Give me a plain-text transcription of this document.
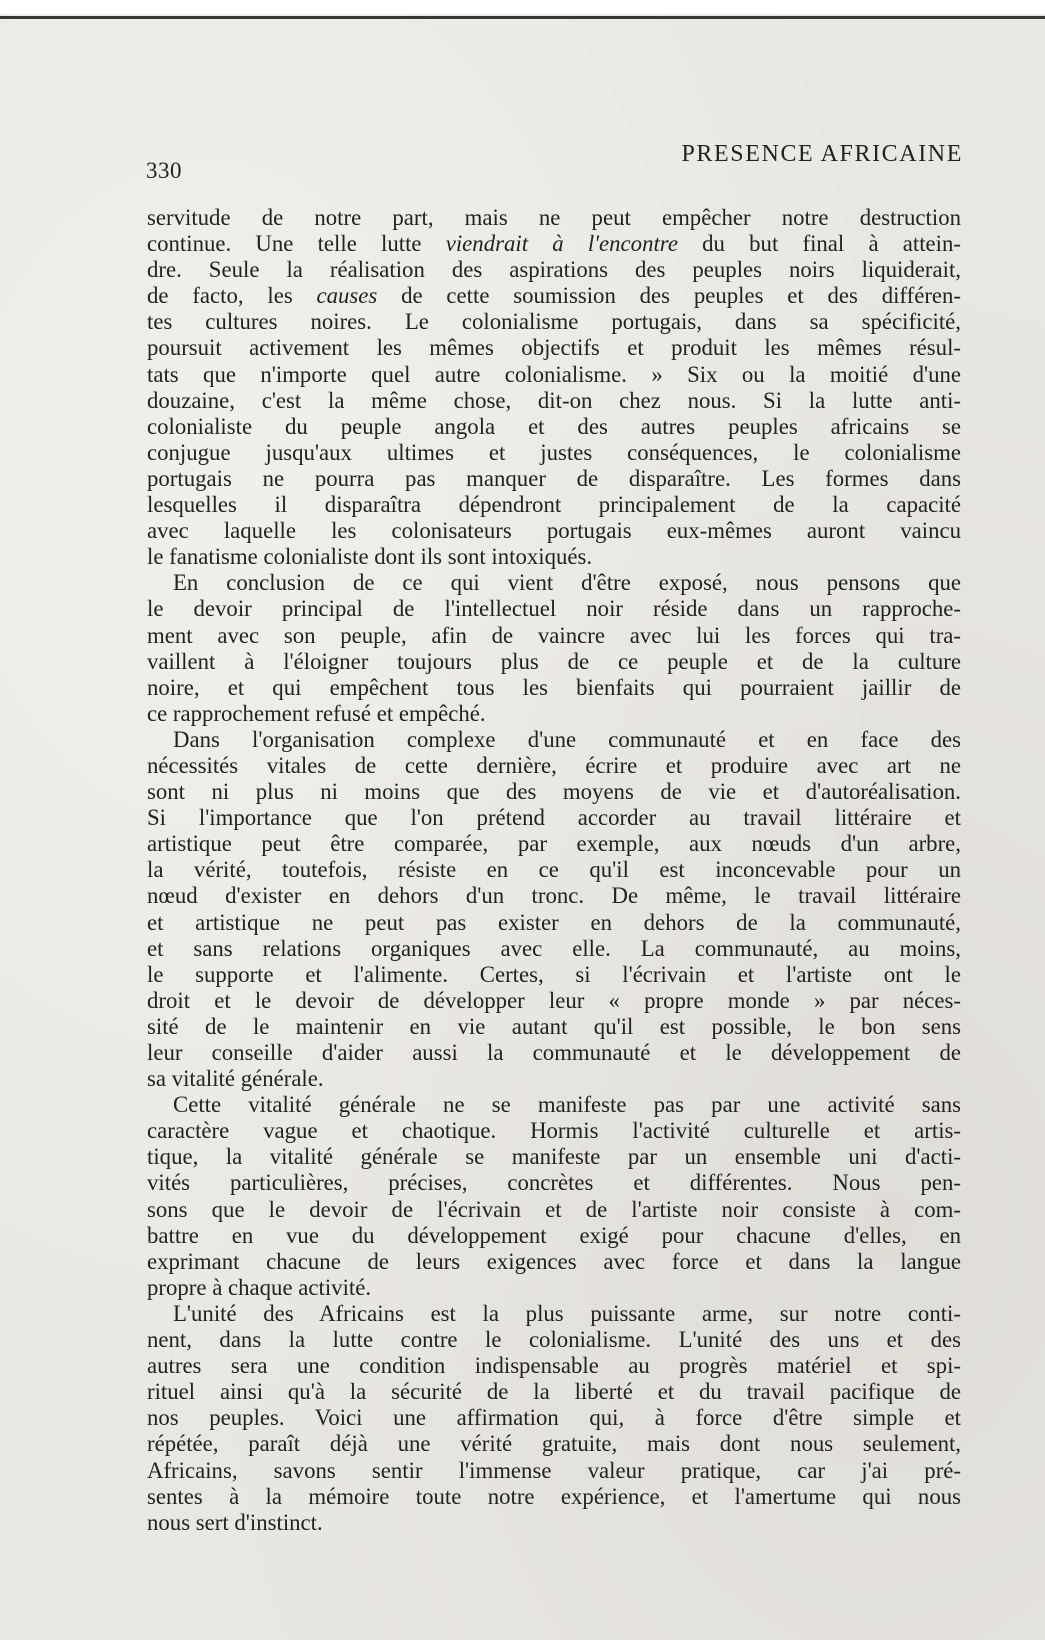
330

PRESENCE AFRICAINE
servitude de notre part, mais ne peut empêcher notre destruction
continue. Une telle lutte viendrait à l'encontre du but final à attein-
dre. Seule la réalisation des aspirations des peuples noirs liquiderait,
de facto, les causes de cette soumission des peuples et des différen-
tes cultures noires. Le colonialisme portugais, dans sa spécificité,
poursuit activement les mêmes objectifs et produit les mêmes résul-
tats que n'importe quel autre colonialisme. » Six ou la moitié d'une
douzaine, c'est la même chose, dit-on chez nous. Si la lutte anti-
colonialiste du peuple angola et des autres peuples africains se
conjugue jusqu'aux ultimes et justes conséquences, le colonialisme
portugais ne pourra pas manquer de disparaître. Les formes dans
lesquelles il disparaîtra dépendront principalement de la capacité
avec laquelle les colonisateurs portugais eux-mêmes auront vaincu
le fanatisme colonialiste dont ils sont intoxiqués.
En conclusion de ce qui vient d'être exposé, nous pensons que
le devoir principal de l'intellectuel noir réside dans un rapproche-
ment avec son peuple, afin de vaincre avec lui les forces qui tra-
vaillent à l'éloigner toujours plus de ce peuple et de la culture
noire, et qui empêchent tous les bienfaits qui pourraient jaillir de
ce rapprochement refusé et empêché.
Dans l'organisation complexe d'une communauté et en face des
nécessités vitales de cette dernière, écrire et produire avec art ne
sont ni plus ni moins que des moyens de vie et d'autoréalisation.
Si l'importance que l'on prétend accorder au travail littéraire et
artistique peut être comparée, par exemple, aux nœuds d'un arbre,
la vérité, toutefois, résiste en ce qu'il est inconcevable pour un
nœud d'exister en dehors d'un tronc. De même, le travail littéraire
et artistique ne peut pas exister en dehors de la communauté,
et sans relations organiques avec elle. La communauté, au moins,
le supporte et l'alimente. Certes, si l'écrivain et l'artiste ont le
droit et le devoir de développer leur « propre monde » par néces-
sité de le maintenir en vie autant qu'il est possible, le bon sens
leur conseille d'aider aussi la communauté et le développement de
sa vitalité générale.
Cette vitalité générale ne se manifeste pas par une activité sans
caractère vague et chaotique. Hormis l'activité culturelle et artis-
tique, la vitalité générale se manifeste par un ensemble uni d'acti-
vités particulières, précises, concrètes et différentes. Nous pen-
sons que le devoir de l'écrivain et de l'artiste noir consiste à com-
battre en vue du développement exigé pour chacune d'elles, en
exprimant chacune de leurs exigences avec force et dans la langue
propre à chaque activité.
L'unité des Africains est la plus puissante arme, sur notre conti-
nent, dans la lutte contre le colonialisme. L'unité des uns et des
autres sera une condition indispensable au progrès matériel et spi-
rituel ainsi qu'à la sécurité de la liberté et du travail pacifique de
nos peuples. Voici une affirmation qui, à force d'être simple et
répétée, paraît déjà une vérité gratuite, mais dont nous seulement,
Africains, savons sentir l'immense valeur pratique, car j'ai pré-
sentes à la mémoire toute notre expérience, et l'amertume qui nous
nous sert d'instinct.
